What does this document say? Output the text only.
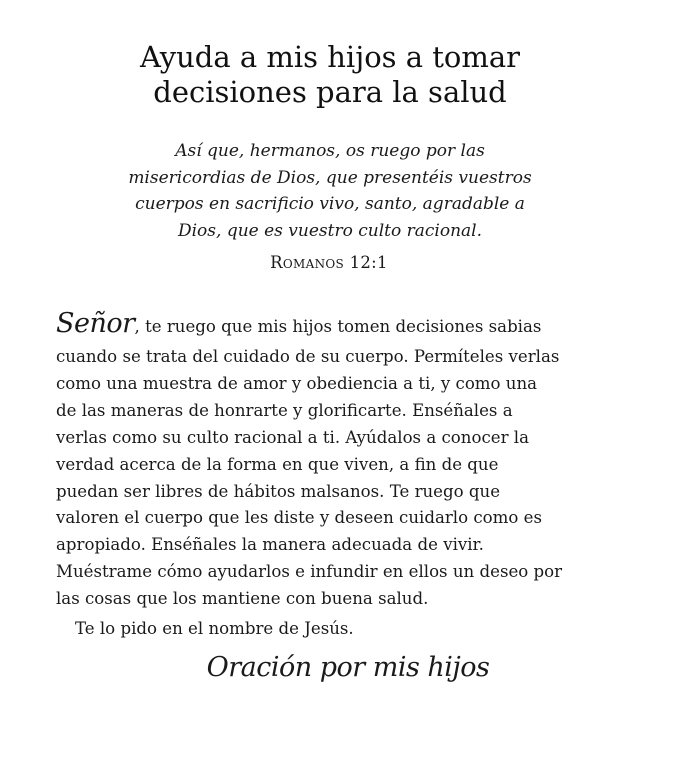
Ayuda a mis hijos a tomar
decisiones para la salud
Así que, hermanos, os ruego por las
misericordias de Dios, que presentéis vuestros
cuerpos en sacrificio vivo, santo, agradable a
Dios, que es vuestro culto racional.
Romanos 12:1
Señor, te ruego que mis hijos tomen decisiones sabias
cuando se trata del cuidado de su cuerpo. Permíteles verlas
como una muestra de amor y obediencia a ti, y como una
de las maneras de honrarte y glorificarte. Enséñales a
verlas como su culto racional a ti. Ayúdalos a conocer la
verdad acerca de la forma en que viven, a fin de que
puedan ser libres de hábitos malsanos. Te ruego que
valoren el cuerpo que les diste y deseen cuidarlo como es
apropiado. Enséñales la manera adecuada de vivir.
Muéstrame cómo ayudarlos e infundir en ellos un deseo por
las cosas que los mantiene con buena salud.
Te lo pido en el nombre de Jesús.
Oración por mis hijos
